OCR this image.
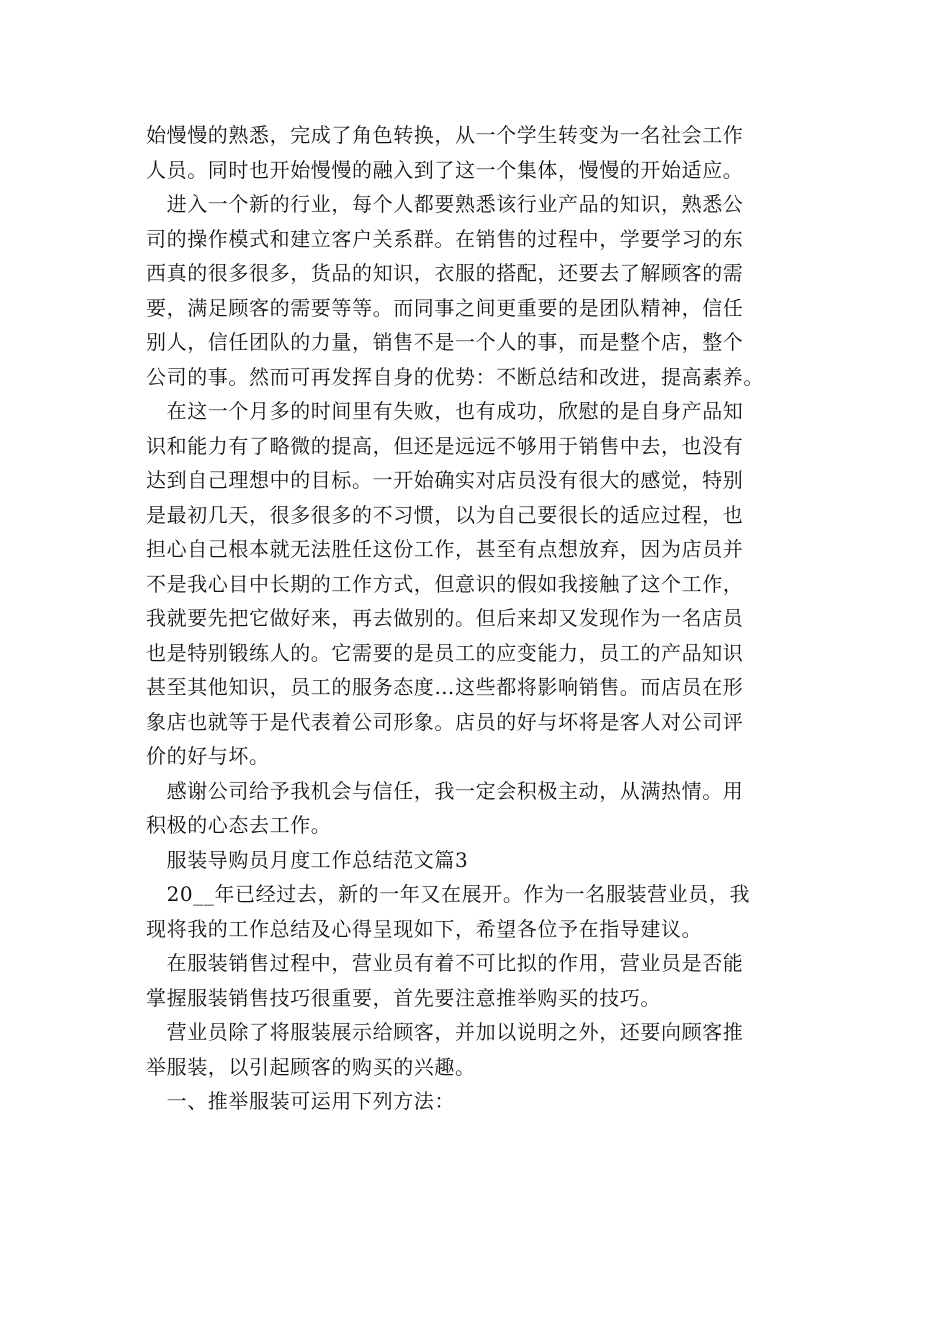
始慢慢的熟悉，完成了角色转换，从一个学生转变为一名社会工作
人员。同时也开始慢慢的融入到了这一个集体，慢慢的开始适应。
　进入一个新的行业，每个人都要熟悉该行业产品的知识，熟悉公
司的操作模式和建立客户关系群。在销售的过程中，学要学习的东
西真的很多很多，货品的知识，衣服的搭配，还要去了解顾客的需
要，满足顾客的需要等等。而同事之间更重要的是团队精神，信任
别人，信任团队的力量，销售不是一个人的事，而是整个店，整个
公司的事。然而可再发挥自身的优势：不断总结和改进，提高素养。
　在这一个月多的时间里有失败，也有成功，欣慰的是自身产品知
识和能力有了略微的提高，但还是远远不够用于销售中去，也没有
达到自己理想中的目标。一开始确实对店员没有很大的感觉，特别
是最初几天，很多很多的不习惯，以为自己要很长的适应过程，也
担心自己根本就无法胜任这份工作，甚至有点想放弃，因为店员并
不是我心目中长期的工作方式，但意识的假如我接触了这个工作，
我就要先把它做好来，再去做别的。但后来却又发现作为一名店员
也是特别锻练人的。它需要的是员工的应变能力，员工的产品知识
甚至其他知识，员工的服务态度…这些都将影响销售。而店员在形
象店也就等于是代表着公司形象。店员的好与坏将是客人对公司评
价的好与坏。
　感谢公司给予我机会与信任，我一定会积极主动，从满热情。用
积极的心态去工作。
　服装导购员月度工作总结范文篇3
　20__年已经过去，新的一年又在展开。作为一名服装营业员，我
现将我的工作总结及心得呈现如下，希望各位予在指导建议。
　在服装销售过程中，营业员有着不可比拟的作用，营业员是否能
掌握服装销售技巧很重要，首先要注意推举购买的技巧。
　营业员除了将服装展示给顾客，并加以说明之外，还要向顾客推
举服装，以引起顾客的购买的兴趣。
　一、推举服装可运用下列方法：
